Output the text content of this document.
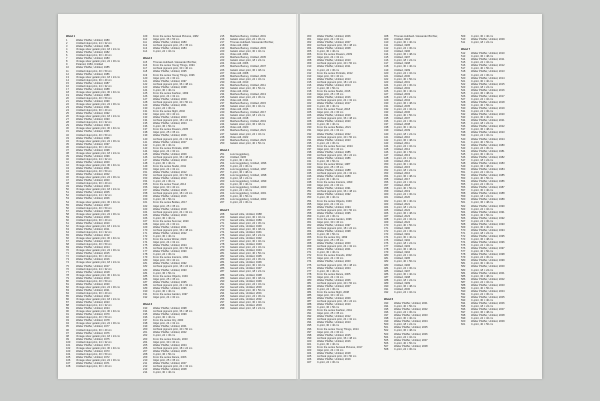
Wand 1
1	Walter Pfeiffer, Untitled, 1980
2	Untitled inkjet print, 24 × 32 cm
3	Walter Pfeiffer, Untitled, 1981
4	Vintage silver gelatin print, 18 × 24 cm
5	Walter Pfeiffer, Untitled, 1982
6	Untitled inkjet print, 30 × 40 cm
7	Walter Pfeiffer, Untitled, 1983
8	Vintage silver gelatin print, 24 × 30 cm
9	Polaroid, 1984, Untitled
10	Walter Pfeiffer, Untitled, 1985
11	Untitled inkjet print, 40 × 50 cm
12	Walter Pfeiffer, Untitled, 1986
13	Vintage silver gelatin print, 18 × 24 cm
14	Untitled inkjet print, 30 × 40 cm
15	Walter Pfeiffer, Untitled, 1987
16	Untitled inkjet print, 24 × 32 cm
17	Walter Pfeiffer, Untitled, 1988
18	Vintage silver gelatin print, 30 × 40 cm
19	Walter Pfeiffer, Untitled, 1989
20	Untitled inkjet print, 40 × 50 cm
21	Walter Pfeiffer, Untitled, 1990
22	Vintage silver gelatin print, 24 × 30 cm
23	Walter Pfeiffer, Untitled, 1991
24	Untitled inkjet print, 30 × 40 cm
25	Walter Pfeiffer, Untitled, 1992
26	Vintage silver gelatin print, 18 × 24 cm
27	Walter Pfeiffer, Untitled, 1993
28	Untitled inkjet print, 24 × 32 cm
29	Walter Pfeiffer, Untitled, 1994
30	Vintage silver gelatin print, 30 × 40 cm
31	Walter Pfeiffer, Untitled, 1995
32	Untitled inkjet print, 40 × 50 cm
33	Walter Pfeiffer, Untitled, 1996
34	Vintage silver gelatin print, 24 × 30 cm
35	Walter Pfeiffer, Untitled, 1997
36	Untitled inkjet print, 30 × 40 cm
37	Walter Pfeiffer, Untitled, 1998
38	Vintage silver gelatin print, 18 × 24 cm
39	Walter Pfeiffer, Untitled, 1999
40	Untitled inkjet print, 24 × 32 cm
41	Walter Pfeiffer, Untitled, 2000
42	Vintage silver gelatin print, 30 × 40 cm
43	Walter Pfeiffer, Untitled, 2001
44	Untitled inkjet print, 40 × 50 cm
45	Walter Pfeiffer, Untitled, 2002
46	Vintage silver gelatin print, 24 × 30 cm
47	Walter Pfeiffer, Untitled, 2003
48	Untitled inkjet print, 30 × 40 cm
49	Walter Pfeiffer, Untitled, 2004
50	Vintage silver gelatin print, 18 × 24 cm
51	Walter Pfeiffer, Untitled, 2005
52	Untitled inkjet print, 24 × 32 cm
53	Walter Pfeiffer, Untitled, 2006
54	Vintage silver gelatin print, 30 × 40 cm
55	Walter Pfeiffer, Untitled, 2007
56	Untitled inkjet print, 40 × 50 cm
57	Walter Pfeiffer, Untitled, 2008
58	Vintage silver gelatin print, 24 × 30 cm
59	Walter Pfeiffer, Untitled, 2009
60	Untitled inkjet print, 30 × 40 cm
61	Walter Pfeiffer, Untitled, 2010
62	Vintage silver gelatin print, 18 × 24 cm
63	Walter Pfeiffer, Untitled, 2011
64	Untitled inkjet print, 24 × 32 cm
65	Walter Pfeiffer, Untitled, 2012
66	Vintage silver gelatin print, 30 × 40 cm
67	Walter Pfeiffer, Untitled, 2013
68	Untitled inkjet print, 40 × 50 cm
69	Walter Pfeiffer, Untitled, 2014
70	Vintage silver gelatin print, 24 × 30 cm
71	Walter Pfeiffer, Untitled, 2015
72	Untitled inkjet print, 30 × 40 cm
73	Walter Pfeiffer, Untitled, 2016
74	Vintage silver gelatin print, 18 × 24 cm
75	Walter Pfeiffer, Untitled, 2017
76	Untitled inkjet print, 24 × 32 cm
77	Walter Pfeiffer, Untitled, 2018
78	Vintage silver gelatin print, 30 × 40 cm
79	Walter Pfeiffer, Untitled, 2019
80	Untitled inkjet print, 40 × 50 cm
81	Walter Pfeiffer, Untitled, 2020
82	Vintage silver gelatin print, 24 × 30 cm
83	Walter Pfeiffer, Untitled, 2021
84	Untitled inkjet print, 30 × 40 cm
85	Walter Pfeiffer, Untitled, 2022
86	Vintage silver gelatin print, 18 × 24 cm
87	Walter Pfeiffer, Untitled, 2023
88	Untitled inkjet print, 24 × 32 cm
89	Walter Pfeiffer, Untitled, 2024
90	Vintage silver gelatin print, 30 × 40 cm
91	Walter Pfeiffer, Untitled, 1979
92	Untitled inkjet print, 40 × 50 cm
93	Walter Pfeiffer, Untitled, 1978
94	Vintage silver gelatin print, 24 × 30 cm
95	Walter Pfeiffer, Untitled, 1977
96	Untitled inkjet print, 30 × 40 cm
97	Walter Pfeiffer, Untitled, 1976
98	Vintage silver gelatin print, 18 × 24 cm
99	Walter Pfeiffer, Untitled, 1975
100	Untitled inkjet print, 24 × 32 cm
101	Walter Pfeiffer, Untitled, 1974
102	Vintage silver gelatin print, 30 × 40 cm
103	Walter Pfeiffer, Untitled, 1973
104	Untitled inkjet print, 40 × 50 cm
105	Walter Pfeiffer, Untitled, 1972
106	Vintage silver gelatin print, 24 × 30 cm
107	Walter Pfeiffer, Untitled, 1971
108	Untitled inkjet print, 30 × 40 cm
109	From the series Sensual Pictures, 1982
110	Inkjet print, 36 × 50 cm
111	Walter Pfeiffer, Untitled, 1983
112	Archival pigment print, 25 × 35 cm
113	Walter Pfeiffer, Untitled, 1984
114	C-print, 24 × 32 cm
Wand 2
115	Thomas Hubbard / Alexander Birchler,
116	From the series Young Things, 1994
117	Archival pigment print, 30 × 40 cm
118	Walter Pfeiffer, Untitled, 1995
119	From the series Young Things, 1996
120	Inkjet print, 24 × 30 cm
121	Walter Pfeiffer, Untitled, 1997
122	Archival pigment print, 36 × 48 cm
123	Walter Pfeiffer, Untitled, 1998
124	C-print, 30 × 40 cm
125	From the series Fashion, 1999
126	Inkjet print, 24 × 32 cm
127	Walter Pfeiffer, Untitled, 2000
128	Archival pigment print, 40 × 50 cm
129	Walter Pfeiffer, Untitled, 2001
130	C-print, 24 × 30 cm
131	From the series Night, 2002
132	Inkjet print, 30 × 40 cm
133	Walter Pfeiffer, Untitled, 2003
134	Archival pigment print, 18 × 24 cm
135	Walter Pfeiffer, Untitled, 2004
136	C-print, 36 × 50 cm
137	From the series Flowers, 2005
138	Inkjet print, 25 × 35 cm
139	Walter Pfeiffer, Untitled, 2006
140	Archival pigment print, 24 × 32 cm
141	Walter Pfeiffer, Untitled, 2007
142	C-print, 30 × 40 cm
143	From the series Portraits, 2008
144	Inkjet print, 24 × 30 cm
145	Walter Pfeiffer, Untitled, 2009
146	Archival pigment print, 36 × 48 cm
147	Walter Pfeiffer, Untitled, 2010
148	C-print, 30 × 40 cm
149	From the series Studio, 2011
150	Inkjet print, 24 × 32 cm
151	Walter Pfeiffer, Untitled, 2012
152	Archival pigment print, 40 × 50 cm
153	Walter Pfeiffer, Untitled, 2013
154	C-print, 24 × 30 cm
155	From the series Travel, 2014
156	Inkjet print, 30 × 40 cm
157	Walter Pfeiffer, Untitled, 2015
158	Archival pigment print, 18 × 24 cm
159	Walter Pfeiffer, Untitled, 2016
160	C-print, 36 × 50 cm
161	From the series Bodies, 2017
162	Inkjet print, 25 × 35 cm
163	Walter Pfeiffer, Untitled, 2018
164	Archival pigment print, 24 × 32 cm
165	Walter Pfeiffer, Untitled, 2019
166	C-print, 30 × 40 cm
167	From the series Summer, 2020
168	Inkjet print, 24 × 30 cm
169	Walter Pfeiffer, Untitled, 2021
170	Archival pigment print, 36 × 48 cm
171	Walter Pfeiffer, Untitled, 2022
172	C-print, 30 × 40 cm
173	From the series Winter, 2023
174	Inkjet print, 24 × 32 cm
175	Walter Pfeiffer, Untitled, 2024
176	Archival pigment print, 40 × 50 cm
177	Walter Pfeiffer, Untitled, 1990
178	C-print, 24 × 30 cm
179	From the series Interiors, 1991
180	Inkjet print, 30 × 40 cm
181	Walter Pfeiffer, Untitled, 1992
182	Archival pigment print, 18 × 24 cm
183	Walter Pfeiffer, Untitled, 1993
184	C-print, 36 × 50 cm
185	From the series Objects, 1994
186	Inkjet print, 25 × 35 cm
187	Walter Pfeiffer, Untitled, 1995
188	Archival pigment print, 24 × 32 cm
189	Walter Pfeiffer, Untitled, 1996
190	C-print, 30 × 40 cm
191	From the series Garden, 1997
192	Inkjet print, 24 × 30 cm
Wand 3
193	Walter Pfeiffer, Untitled, 1998
194	Archival pigment print, 36 × 48 cm
195	Walter Pfeiffer, Untitled, 1999
196	C-print, 30 × 40 cm
197	From the series City, 2000
198	Inkjet print, 24 × 32 cm
199	Walter Pfeiffer, Untitled, 2001
200	Archival pigment print, 40 × 50 cm
201	Walter Pfeiffer, Untitled, 2002
202	C-print, 24 × 30 cm
203	From the series Friends, 2003
204	Inkjet print, 30 × 40 cm
205	Walter Pfeiffer, Untitled, 2004
206	Archival pigment print, 18 × 24 cm
207	Walter Pfeiffer, Untitled, 2005
208	C-print, 36 × 50 cm
209	From the series Dance, 2006
210	Inkjet print, 25 × 35 cm
211	Walter Pfeiffer, Untitled, 2007
212	Archival pigment print, 24 × 32 cm
213	Walter Pfeiffer, Untitled, 2008
214	C-print, 30 × 40 cm
215	Matthew Barney, Untitled, 2001
216	Gelatin silver print, 24 × 30 cm
217	Thomas Hubbard / Alexander Birchler,
218	Video still, 2002
219	Matthew Barney, Untitled, 2003
220	Gelatin silver print, 30 × 40 cm
221	Video still, 2004
222	Matthew Barney, Untitled, 2005
223	Gelatin silver print, 18 × 24 cm
224	Video still, 2006
225	Matthew Barney, Untitled, 2007
226	Gelatin silver print, 36 × 48 cm
227	Video still, 2008
228	Matthew Barney, Untitled, 2009
229	Gelatin silver print, 24 × 32 cm
230	Video still, 2010
231	Matthew Barney, Untitled, 2011
232	Gelatin silver print, 40 × 50 cm
233	Video still, 2012
234	Matthew Barney, Untitled, 2013
235	Gelatin silver print, 24 × 30 cm
236	Video still, 2014
237	Matthew Barney, Untitled, 2015
238	Gelatin silver print, 30 × 40 cm
239	Video still, 2016
240	Matthew Barney, Untitled, 2017
241	Gelatin silver print, 18 × 24 cm
242	Video still, 2018
243	Matthew Barney, Untitled, 2019
244	Gelatin silver print, 36 × 48 cm
245	Video still, 2020
246	Matthew Barney, Untitled, 2021
247	Gelatin silver print, 24 × 32 cm
248	Video still, 2022
249	Matthew Barney, Untitled, 2023
250	Gelatin silver print, 40 × 50 cm
Wand 4
251	Luis Guggisberg,
252	Untitled, 1995
253	C-print, 30 × 40 cm
254	Luis Guggisberg, Untitled, 1996
255	C-print, 24 × 30 cm
256	Luis Guggisberg, Untitled, 1997
257	C-print, 36 × 48 cm
258	Luis Guggisberg, Untitled, 1998
259	C-print, 18 × 24 cm
260	Luis Guggisberg, Untitled, 1999
261	C-print, 30 × 40 cm
262	Luis Guggisberg, Untitled, 2000
263	C-print, 24 × 32 cm
264	Luis Guggisberg, Untitled, 2001
265	C-print, 40 × 50 cm
266	Luis Guggisberg, Untitled, 2002
267	C-print, 24 × 30 cm
Wand 5
268	Gerard Little, Untitled, 1988
269	Gelatin silver print, 30 × 40 cm
270	Gerard Little, Untitled, 1989
271	Gelatin silver print, 24 × 30 cm
272	Gerard Little, Untitled, 1990
273	Gelatin silver print, 36 × 48 cm
274	Gerard Little, Untitled, 1991
275	Gelatin silver print, 18 × 24 cm
276	Gerard Little, Untitled, 1992
277	Gelatin silver print, 30 × 40 cm
278	Gerard Little, Untitled, 1993
279	Gelatin silver print, 24 × 32 cm
280	Gerard Little, Untitled, 1994
281	Gelatin silver print, 40 × 50 cm
282	Gerard Little, Untitled, 1995
283	Gelatin silver print, 24 × 30 cm
284	Gerard Little, Untitled, 1996
285	Gelatin silver print, 30 × 40 cm
286	Gerard Little, Untitled, 1997
287	Gelatin silver print, 18 × 24 cm
288	Gerard Little, Untitled, 1998
289	Gelatin silver print, 36 × 48 cm
290	Gerard Little, Untitled, 1999
291	Gelatin silver print, 24 × 32 cm
292	Gerard Little, Untitled, 2000
293	Gelatin silver print, 40 × 50 cm
294	Gerard Little, Untitled, 2001
295	Gelatin silver print, 24 × 30 cm
296	Gerard Little, Untitled, 2002
297	Gelatin silver print, 30 × 40 cm
298	Gerard Little, Untitled, 2003
299	Gelatin silver print, 18 × 24 cm
300	Walter Pfeiffer, Untitled, 2006
301	Inkjet print, 24 × 30 cm
302	Walter Pfeiffer, Untitled, 2007
303	Archival pigment print, 36 × 48 cm
304	Walter Pfeiffer, Untitled, 2008
305	C-print, 30 × 40 cm
306	From the series Flowers, 2009
307	Inkjet print, 24 × 32 cm
308	Walter Pfeiffer, Untitled, 2010
309	Archival pigment print, 40 × 50 cm
310	Walter Pfeiffer, Untitled, 2011
311	C-print, 24 × 30 cm
312	From the series Portraits, 2012
313	Inkjet print, 30 × 40 cm
314	Walter Pfeiffer, Untitled, 2013
315	Archival pigment print, 18 × 24 cm
316	Walter Pfeiffer, Untitled, 2014
317	C-print, 36 × 50 cm
318	From the series Studio, 2015
319	Inkjet print, 25 × 35 cm
320	Walter Pfeiffer, Untitled, 2016
321	Archival pigment print, 24 × 32 cm
322	Walter Pfeiffer, Untitled, 2017
323	C-print, 30 × 40 cm
324	From the series Travel, 2018
325	Inkjet print, 24 × 30 cm
326	Walter Pfeiffer, Untitled, 2019
327	Archival pigment print, 36 × 48 cm
328	Walter Pfeiffer, Untitled, 2020
329	C-print, 30 × 40 cm
330	From the series Bodies, 2021
331	Inkjet print, 24 × 32 cm
332	Walter Pfeiffer, Untitled, 2022
333	Archival pigment print, 40 × 50 cm
334	Walter Pfeiffer, Untitled, 2023
335	C-print, 24 × 30 cm
336	From the series Summer, 2024
337	Inkjet print, 30 × 40 cm
338	Walter Pfeiffer, Untitled, 1985
339	Archival pigment print, 18 × 24 cm
340	Walter Pfeiffer, Untitled, 1986
341	C-print, 36 × 50 cm
342	From the series Winter, 1987
343	Inkjet print, 25 × 35 cm
344	Walter Pfeiffer, Untitled, 1988
345	Archival pigment print, 24 × 32 cm
346	Walter Pfeiffer, Untitled, 1989
347	C-print, 30 × 40 cm
348	From the series Interiors, 1990
349	Inkjet print, 24 × 30 cm
350	Walter Pfeiffer, Untitled, 1991
351	Archival pigment print, 36 × 48 cm
352	Walter Pfeiffer, Untitled, 1992
353	C-print, 30 × 40 cm
354	From the series Objects, 1993
355	Inkjet print, 24 × 32 cm
356	Walter Pfeiffer, Untitled, 1994
357	Archival pigment print, 40 × 50 cm
358	Walter Pfeiffer, Untitled, 1995
359	C-print, 24 × 30 cm
360	From the series Garden, 1996
361	Inkjet print, 30 × 40 cm
362	Walter Pfeiffer, Untitled, 1997
363	Archival pigment print, 18 × 24 cm
364	Walter Pfeiffer, Untitled, 1998
365	C-print, 36 × 50 cm
366	From the series City, 1999
367	Inkjet print, 25 × 35 cm
368	Walter Pfeiffer, Untitled, 2000
369	Archival pigment print, 24 × 32 cm
370	Walter Pfeiffer, Untitled, 2001
371	C-print, 30 × 40 cm
372	From the series Friends, 2002
373	Inkjet print, 24 × 30 cm
374	Walter Pfeiffer, Untitled, 2003
375	Archival pigment print, 36 × 48 cm
376	Walter Pfeiffer, Untitled, 2004
377	C-print, 30 × 40 cm
378	From the series Dance, 2005
379	Inkjet print, 24 × 32 cm
380	Walter Pfeiffer, Untitled, 2006
381	Archival pigment print, 40 × 50 cm
382	Walter Pfeiffer, Untitled, 2007
383	C-print, 24 × 30 cm
384	From the series Night, 2008
385	Inkjet print, 30 × 40 cm
386	Walter Pfeiffer, Untitled, 2009
387	Archival pigment print, 18 × 24 cm
388	Walter Pfeiffer, Untitled, 2010
389	C-print, 36 × 50 cm
390	From the series Fashion, 2011
391	Inkjet print, 25 × 35 cm
392	Walter Pfeiffer, Untitled, 2012
393	Archival pigment print, 24 × 32 cm
394	Walter Pfeiffer, Untitled, 2013
395	C-print, 30 × 40 cm
396	From the series Young Things, 2014
397	Inkjet print, 24 × 30 cm
398	Walter Pfeiffer, Untitled, 2015
399	Archival pigment print, 36 × 48 cm
400	Walter Pfeiffer, Untitled, 2016
401	C-print, 30 × 40 cm
402	From the series Sensual Pictures, 2017
403	Inkjet print, 24 × 32 cm
404	Walter Pfeiffer, Untitled, 2018
405	Archival pigment print, 40 × 50 cm
406	Walter Pfeiffer, Untitled, 2019
407	C-print, 24 × 30 cm
408	Thomas Hubbard / Alexander Birchler,
409	Untitled, 1994
410	C-print, 30 × 40 cm
411	Untitled, 1995
412	C-print, 24 × 30 cm
413	Untitled, 1996
414	C-print, 36 × 48 cm
415	Untitled, 1997
416	C-print, 18 × 24 cm
417	Untitled, 1998
418	C-print, 30 × 40 cm
419	Untitled, 1999
420	C-print, 24 × 32 cm
421	Untitled, 2000
422	C-print, 40 × 50 cm
423	Untitled, 2001
424	C-print, 24 × 30 cm
425	Untitled, 2002
426	C-print, 30 × 40 cm
427	Untitled, 2003
428	C-print, 18 × 24 cm
429	Untitled, 2004
430	C-print, 36 × 48 cm
431	Untitled, 2005
432	C-print, 24 × 32 cm
433	Untitled, 2006
434	C-print, 40 × 50 cm
435	Untitled, 2007
436	C-print, 24 × 30 cm
437	Untitled, 2008
438	C-print, 30 × 40 cm
439	Untitled, 2009
440	C-print, 18 × 24 cm
441	Untitled, 2010
442	C-print, 36 × 48 cm
443	Untitled, 2011
444	C-print, 24 × 32 cm
445	Untitled, 2012
446	C-print, 40 × 50 cm
447	Untitled, 2013
448	C-print, 24 × 30 cm
449	Untitled, 2014
450	C-print, 30 × 40 cm
451	Untitled, 2015
452	C-print, 18 × 24 cm
453	Untitled, 2016
454	C-print, 36 × 48 cm
455	Untitled, 2017
456	C-print, 24 × 32 cm
457	Untitled, 2018
458	C-print, 40 × 50 cm
459	Untitled, 2019
460	C-print, 24 × 30 cm
461	Untitled, 2020
462	C-print, 30 × 40 cm
463	Untitled, 2021
464	C-print, 18 × 24 cm
465	Untitled, 2022
466	C-print, 36 × 48 cm
467	Untitled, 2023
468	C-print, 24 × 32 cm
469	Untitled, 2024
470	C-print, 40 × 50 cm
471	Untitled, 1990
472	C-print, 24 × 30 cm
473	Untitled, 1991
474	C-print, 30 × 40 cm
475	Untitled, 1992
476	C-print, 18 × 24 cm
477	Untitled, 1993
478	C-print, 36 × 48 cm
479	Untitled, 1994
480	C-print, 24 × 32 cm
481	Untitled, 1995
482	C-print, 40 × 50 cm
483	Untitled, 1996
484	C-print, 24 × 30 cm
485	Untitled, 1997
486	C-print, 30 × 40 cm
487	Untitled, 1998
488	C-print, 18 × 24 cm
489	Untitled, 1999
490	C-print, 36 × 48 cm
491	Untitled, 2000
492	C-print, 24 × 32 cm
Wand 6
493	Walter Pfeiffer, Untitled, 2001
494	C-print, 40 × 50 cm
495	Walter Pfeiffer, Untitled, 2002
496	C-print, 24 × 30 cm
497	Walter Pfeiffer, Untitled, 2003
498	C-print, 30 × 40 cm
499	Walter Pfeiffer, Untitled, 2004
500	C-print, 18 × 24 cm
501	Walter Pfeiffer, Untitled, 2005
502	C-print, 36 × 48 cm
503	Walter Pfeiffer, Untitled, 2006
504	C-print, 24 × 32 cm
505	Walter Pfeiffer, Untitled, 2007
506	C-print, 40 × 50 cm
507	Walter Pfeiffer, Untitled, 2008
508	C-print, 24 × 30 cm
509	C-print, 30 × 40 cm
510	Walter Pfeiffer, Untitled, 2009
511	C-print, 18 × 24 cm
Wand 7
512	Walter Pfeiffer, Untitled, 2010
513	C-print, 36 × 48 cm
514	Walter Pfeiffer, Untitled, 2011
515	C-print, 24 × 32 cm
516	Walter Pfeiffer, Untitled, 2012
517	C-print, 40 × 50 cm
518	Walter Pfeiffer, Untitled, 2013
519	C-print, 24 × 30 cm
520	Walter Pfeiffer, Untitled, 2014
521	C-print, 30 × 40 cm
522	Walter Pfeiffer, Untitled, 2015
523	C-print, 18 × 24 cm
524	Walter Pfeiffer, Untitled, 2016
525	C-print, 36 × 48 cm
526	Walter Pfeiffer, Untitled, 2017
527	C-print, 24 × 32 cm
528	Walter Pfeiffer, Untitled, 2018
529	C-print, 40 × 50 cm
530	Walter Pfeiffer, Untitled, 2019
531	C-print, 24 × 30 cm
532	Walter Pfeiffer, Untitled, 2020
533	C-print, 30 × 40 cm
534	Walter Pfeiffer, Untitled, 2021
535	C-print, 18 × 24 cm
536	Walter Pfeiffer, Untitled, 2022
537	C-print, 36 × 48 cm
538	Walter Pfeiffer, Untitled, 2023
539	C-print, 24 × 32 cm
540	Walter Pfeiffer, Untitled, 2024
541	C-print, 40 × 50 cm
542	Walter Pfeiffer, Untitled, 1980
543	C-print, 24 × 30 cm
544	Walter Pfeiffer, Untitled, 1981
545	C-print, 30 × 40 cm
546	Walter Pfeiffer, Untitled, 1982
547	C-print, 18 × 24 cm
548	Walter Pfeiffer, Untitled, 1983
549	C-print, 36 × 48 cm
550	Walter Pfeiffer, Untitled, 1984
551	C-print, 24 × 32 cm
552	Walter Pfeiffer, Untitled, 1985
553	C-print, 40 × 50 cm
554	Walter Pfeiffer, Untitled, 1986
555	C-print, 24 × 30 cm
556	Walter Pfeiffer, Untitled, 1987
557	C-print, 30 × 40 cm
558	Walter Pfeiffer, Untitled, 1988
559	C-print, 18 × 24 cm
560	Walter Pfeiffer, Untitled, 1989
561	C-print, 36 × 48 cm
562	Walter Pfeiffer, Untitled, 1990
563	C-print, 24 × 32 cm
564	Walter Pfeiffer, Untitled, 1991
565	C-print, 40 × 50 cm
566	Walter Pfeiffer, Untitled, 1992
567	C-print, 24 × 30 cm
568	Walter Pfeiffer, Untitled, 1993
569	C-print, 30 × 40 cm
570	Walter Pfeiffer, Untitled, 1994
571	C-print, 18 × 24 cm
572	Walter Pfeiffer, Untitled, 1995
573	C-print, 36 × 48 cm
574	Walter Pfeiffer, Untitled, 1996
575	C-print, 24 × 32 cm
576	Walter Pfeiffer, Untitled, 1997
577	C-print, 40 × 50 cm
578	Walter Pfeiffer, Untitled, 1998
579	C-print, 24 × 30 cm
580	Walter Pfeiffer, Untitled, 1999
581	C-print, 30 × 40 cm
582	Walter Pfeiffer, Untitled, 2000
583	C-print, 18 × 24 cm
584	Walter Pfeiffer, Untitled, 2001
585	C-print, 36 × 48 cm
586	Walter Pfeiffer, Untitled, 2002
587	C-print, 24 × 32 cm
588	Walter Pfeiffer, Untitled, 2003
589	C-print, 40 × 50 cm
590	Walter Pfeiffer, Untitled, 2004
591	C-print, 24 × 30 cm
592	Walter Pfeiffer, Untitled, 2005
593	C-print, 30 × 40 cm
594	Walter Pfeiffer, Untitled, 2006
595	C-print, 18 × 24 cm
596	Walter Pfeiffer, Untitled, 2007
597	C-print, 36 × 48 cm
598	Walter Pfeiffer, Untitled, 2008
599	C-print, 24 × 32 cm
600	Walter Pfeiffer, Untitled, 2009
601	C-print, 40 × 50 cm
